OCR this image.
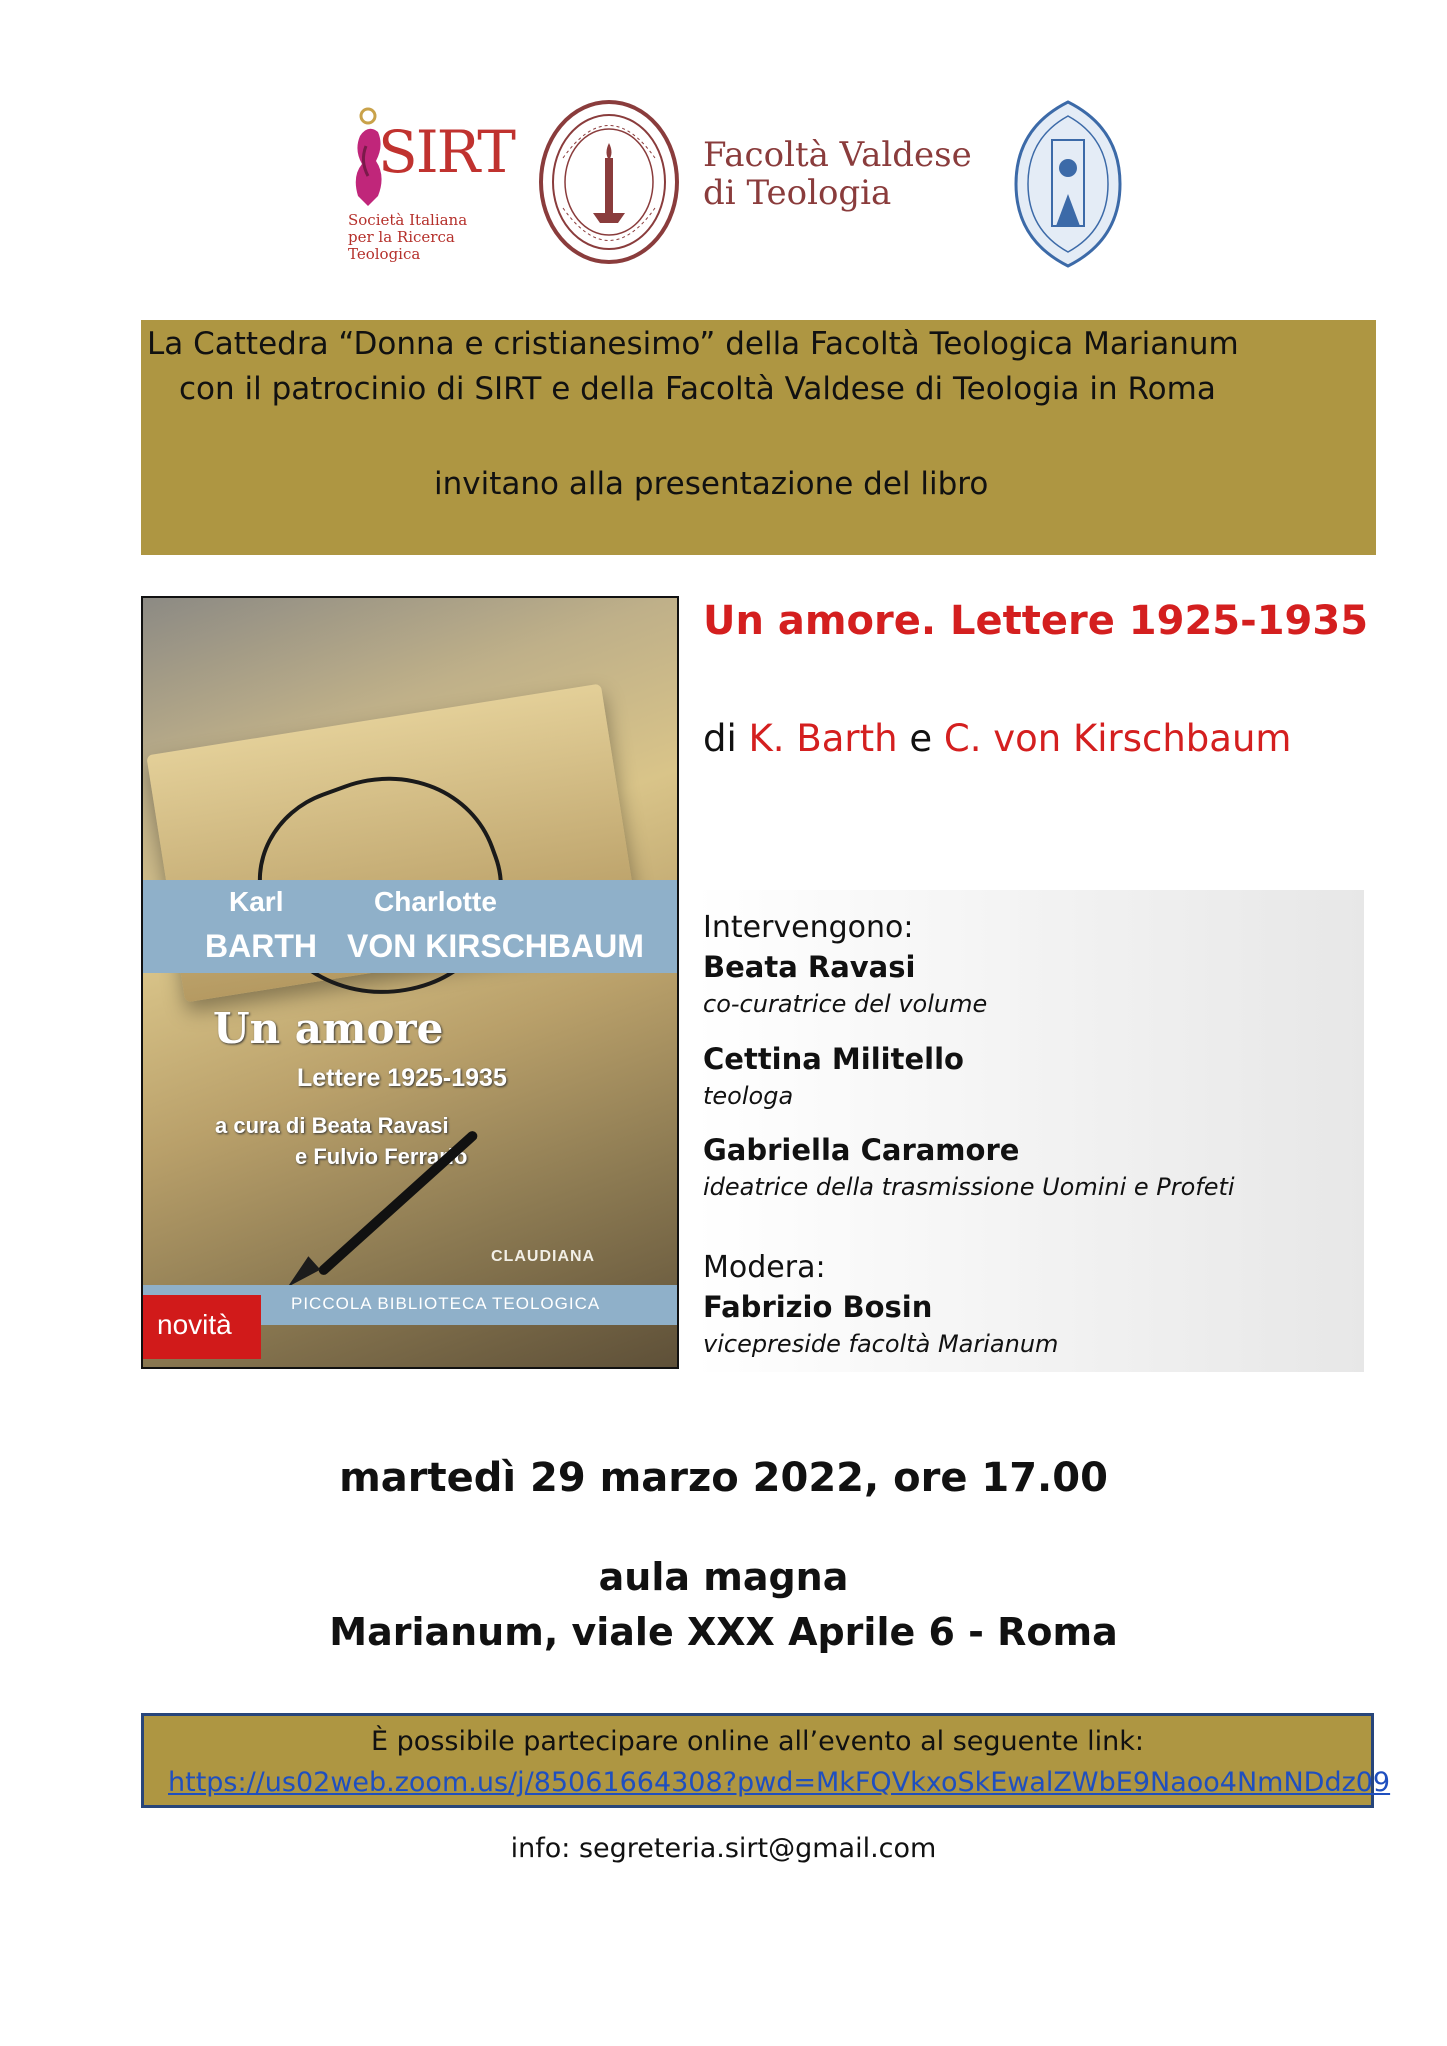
SIRT
Società Italiana
per la Ricerca Teologica
Facoltà Valdese
di Teologia
La Cattedra “Donna e cristianesimo” della Facoltà Teologica Marianum
con il patrocinio di SIRT e della Facoltà Valdese di Teologia in Roma
invitano alla presentazione del libro
Karl	Charlotte
BARTH VON KIRSCHBAUM
Un amore
Lettere 1925-1935
a cura di Beata Ravasi
e Fulvio Ferrario
CLAUDIANA
PICCOLA BIBLIOTECA TEOLOGICA
novità
Un amore. Lettere 1925-1935
di K. Barth e C. von Kirschbaum
Intervengono:
Beata Ravasi
co-curatrice del volume
Cettina Militello
teologa
Gabriella Caramore
ideatrice della trasmissione Uomini e Profeti
Modera:
Fabrizio Bosin
vicepreside facoltà Marianum
martedì 29 marzo 2022, ore 17.00
aula magna
Marianum, viale XXX Aprile 6 - Roma
È possibile partecipare online all’evento al seguente link:
https://us02web.zoom.us/j/85061664308?pwd=MkFQVkxoSkEwalZWbE9Naoo4NmNDdz09
info: segreteria.sirt@gmail.com
